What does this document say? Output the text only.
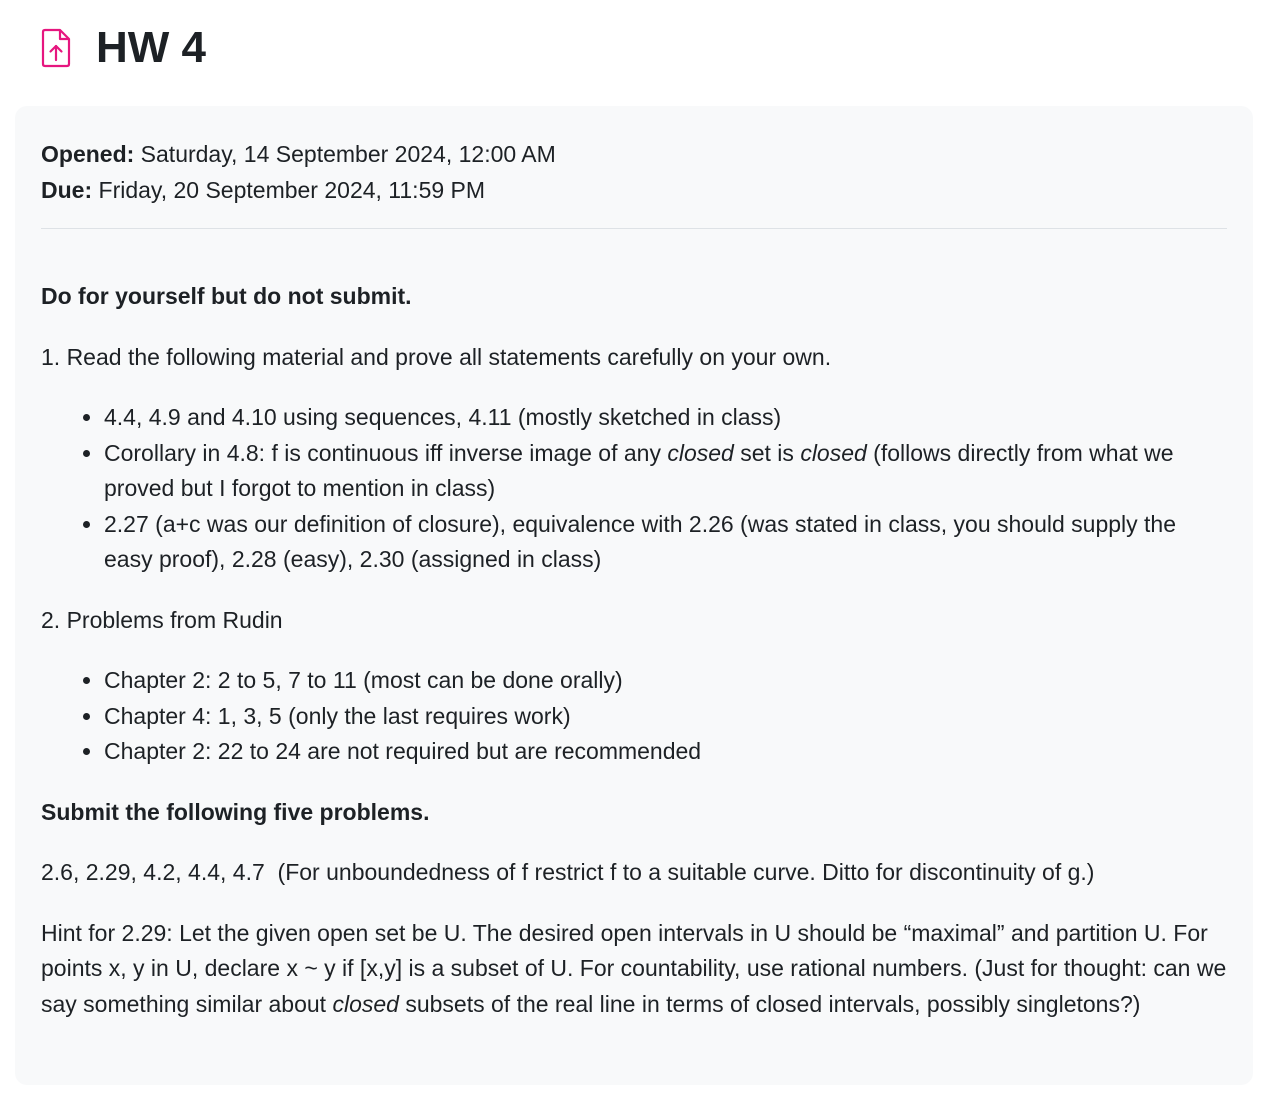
HW 4
Opened: Saturday, 14 September 2024, 12:00 AM
Due: Friday, 20 September 2024, 11:59 PM

Do for yourself but do not submit.

1. Read the following material and prove all statements carefully on your own.

• 4.4, 4.9 and 4.10 using sequences, 4.11 (mostly sketched in class)
• Corollary in 4.8: f is continuous iff inverse image of any closed set is closed (follows directly from what we proved but I forgot to mention in class)
• 2.27 (a+c was our definition of closure), equivalence with 2.26 (was stated in class, you should supply the easy proof), 2.28 (easy), 2.30 (assigned in class)

2. Problems from Rudin

• Chapter 2: 2 to 5, 7 to 11 (most can be done orally)
• Chapter 4: 1, 3, 5 (only the last requires work)
• Chapter 2: 22 to 24 are not required but are recommended

Submit the following five problems.

2.6, 2.29, 4.2, 4.4, 4.7  (For unboundedness of f restrict f to a suitable curve. Ditto for discontinuity of g.)

Hint for 2.29: Let the given open set be U. The desired open intervals in U should be “maximal” and partition U. For points x, y in U, declare x ~ y if [x,y] is a subset of U. For countability, use rational numbers. (Just for thought: can we say something similar about closed subsets of the real line in terms of closed intervals, possibly singletons?)
